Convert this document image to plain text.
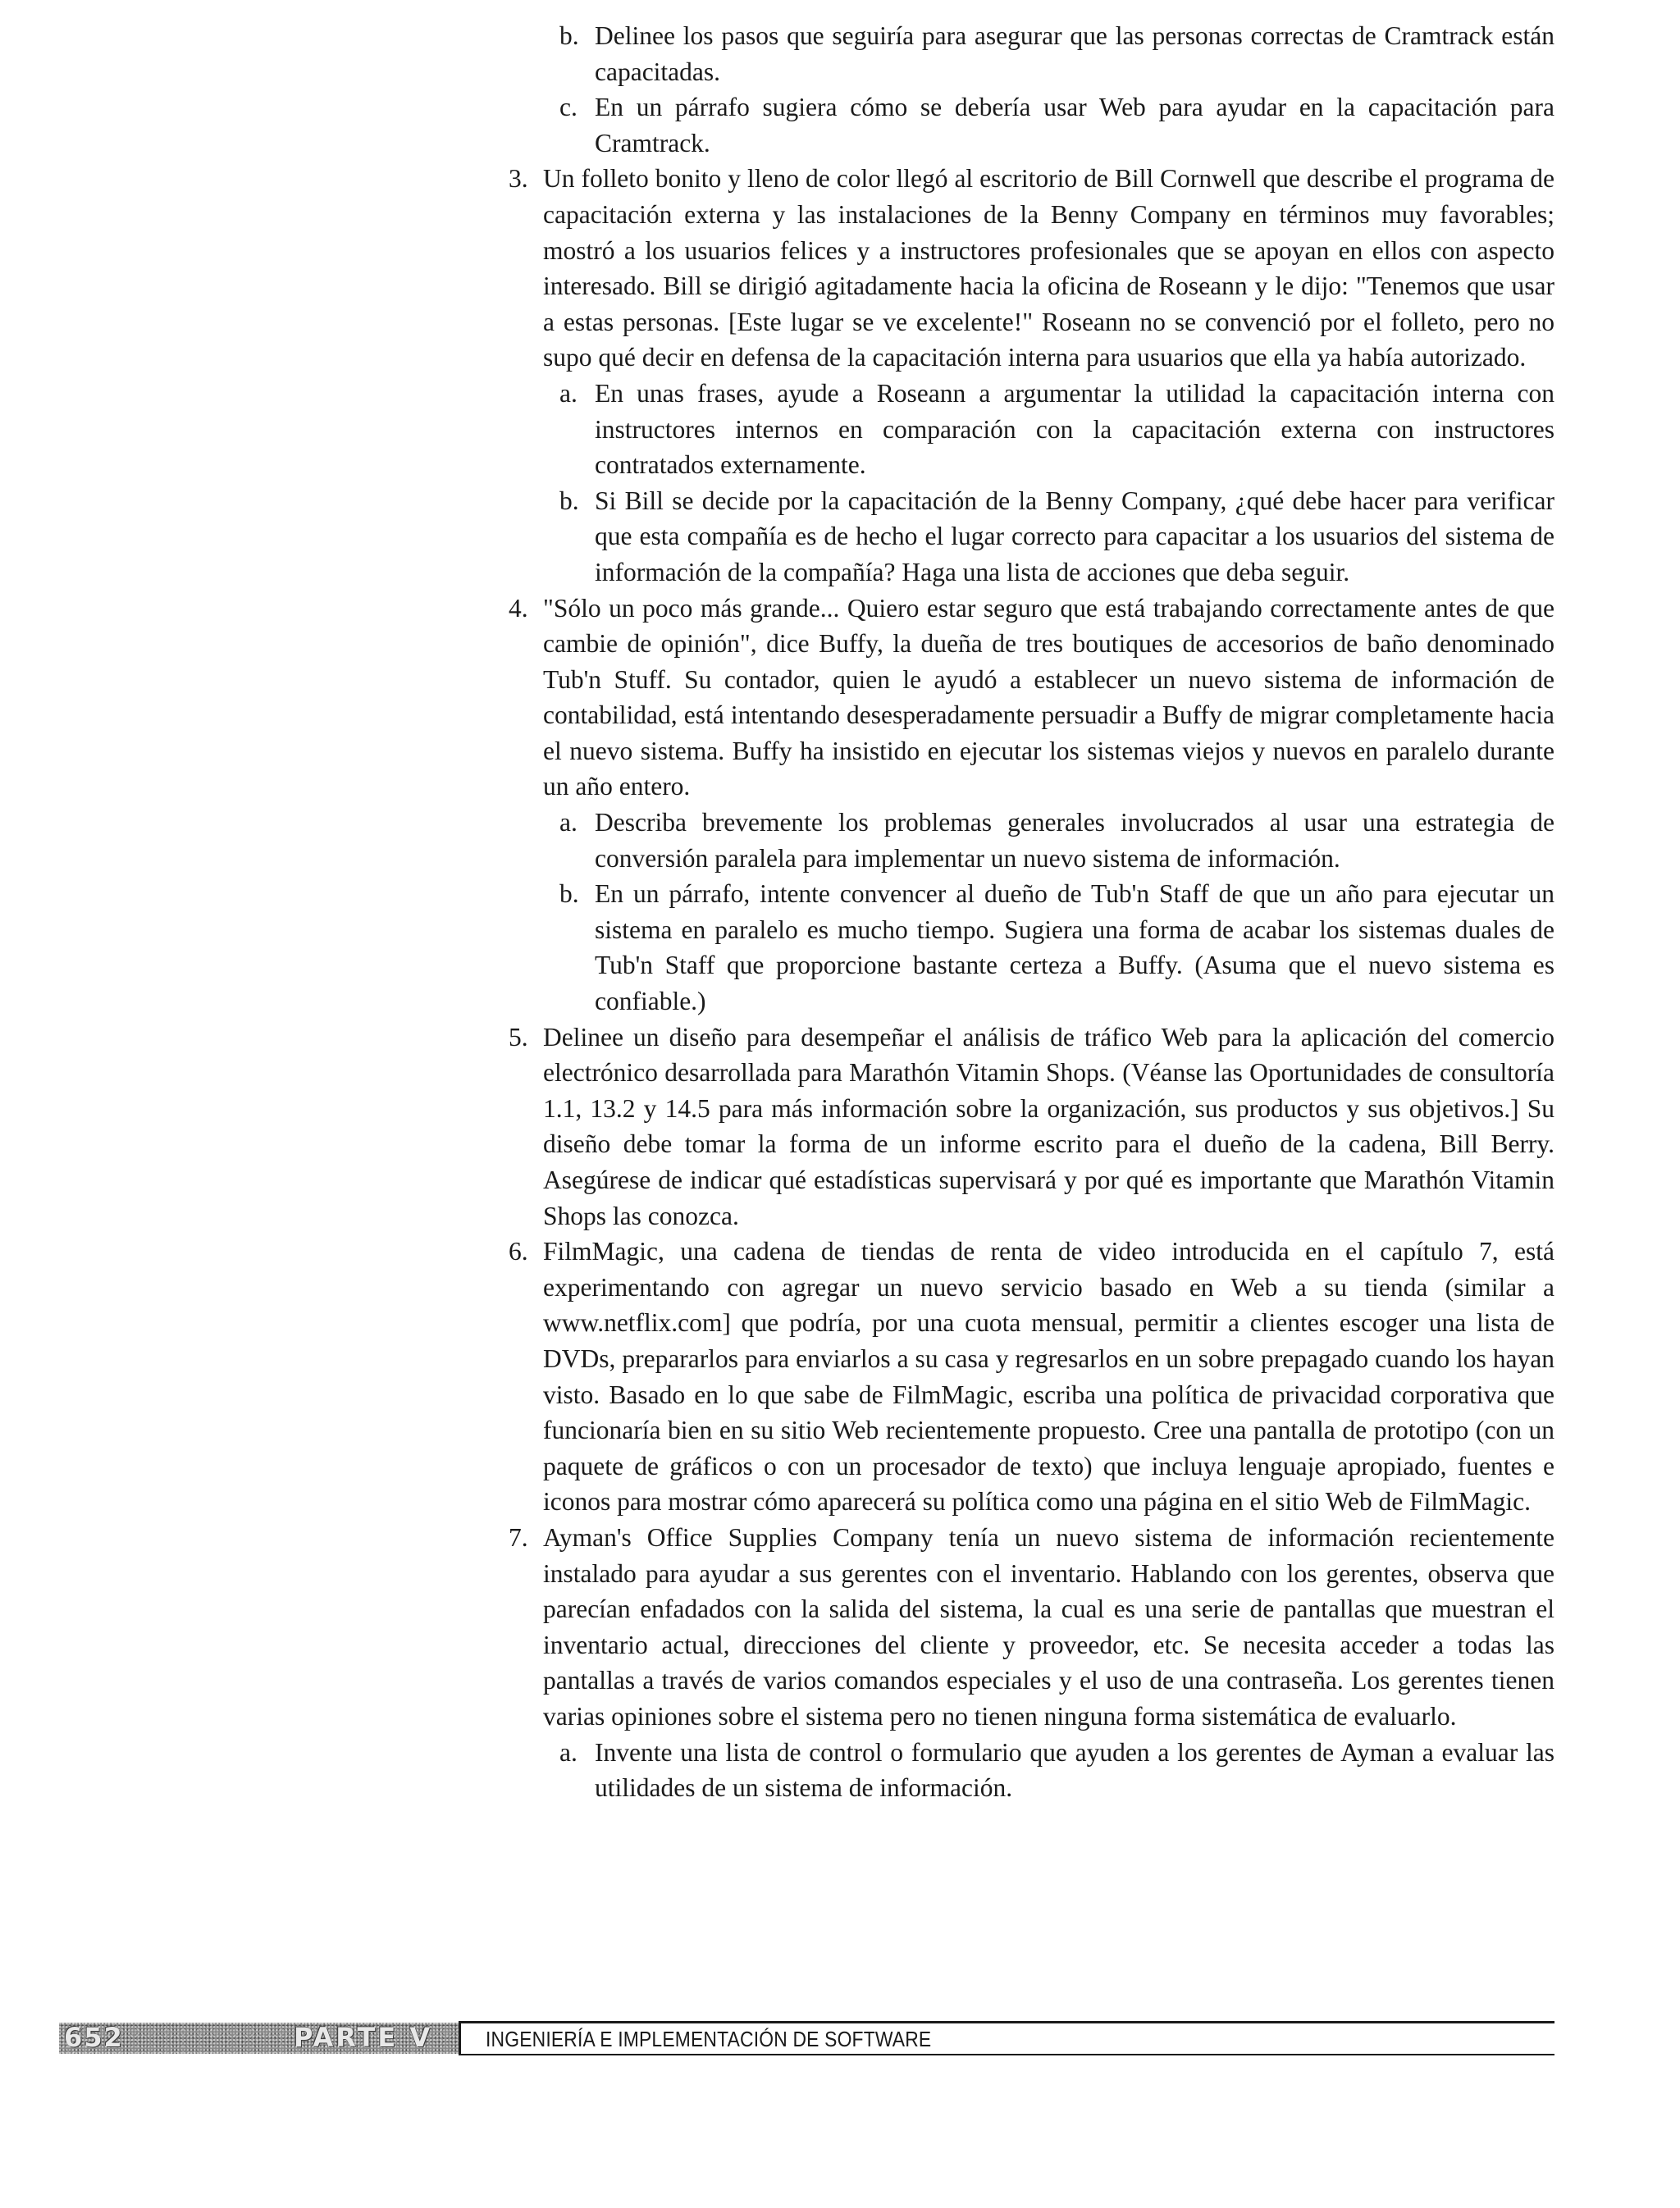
b. Delinee los pasos que seguiría para asegurar que las personas correctas de Cramtrack están capacitadas.
c. En un párrafo sugiera cómo se debería usar Web para ayudar en la capacitación para Cramtrack.
3. Un folleto bonito y lleno de color llegó al escritorio de Bill Cornwell que describe el programa de capacitación externa y las instalaciones de la Benny Company en términos muy favorables; mostró a los usuarios felices y a instructores profesionales que se apoyan en ellos con aspecto interesado. Bill se dirigió agitadamente hacia la oficina de Roseann y le dijo: "Tenemos que usar a estas personas. [Este lugar se ve excelente!" Roseann no se convenció por el folleto, pero no supo qué decir en defensa de la capacitación interna para usuarios que ella ya había autorizado.
a. En unas frases, ayude a Roseann a argumentar la utilidad la capacitación interna con instructores internos en comparación con la capacitación externa con instructores contratados externamente.
b. Si Bill se decide por la capacitación de la Benny Company, ¿qué debe hacer para verificar que esta compañía es de hecho el lugar correcto para capacitar a los usuarios del sistema de información de la compañía? Haga una lista de acciones que deba seguir.
4. "Sólo un poco más grande... Quiero estar seguro que está trabajando correctamente antes de que cambie de opinión", dice Buffy, la dueña de tres boutiques de accesorios de baño denominado Tub'n Stuff. Su contador, quien le ayudó a establecer un nuevo sistema de información de contabilidad, está intentando desesperadamente persuadir a Buffy de migrar completamente hacia el nuevo sistema. Buffy ha insistido en ejecutar los sistemas viejos y nuevos en paralelo durante un año entero.
a. Describa brevemente los problemas generales involucrados al usar una estrategia de conversión paralela para implementar un nuevo sistema de información.
b. En un párrafo, intente convencer al dueño de Tub'n Staff de que un año para ejecutar un sistema en paralelo es mucho tiempo. Sugiera una forma de acabar los sistemas duales de Tub'n Staff que proporcione bastante certeza a Buffy. (Asuma que el nuevo sistema es confiable.)
5. Delinee un diseño para desempeñar el análisis de tráfico Web para la aplicación del comercio electrónico desarrollada para Marathón Vitamin Shops. (Véanse las Oportunidades de consultoría 1.1, 13.2 y 14.5 para más información sobre la organización, sus productos y sus objetivos.] Su diseño debe tomar la forma de un informe escrito para el dueño de la cadena, Bill Berry. Asegúrese de indicar qué estadísticas supervisará y por qué es importante que Marathón Vitamin Shops las conozca.
6. FilmMagic, una cadena de tiendas de renta de video introducida en el capítulo 7, está experimentando con agregar un nuevo servicio basado en Web a su tienda (similar a www.netflix.com] que podría, por una cuota mensual, permitir a clientes escoger una lista de DVDs, prepararlos para enviarlos a su casa y regresarlos en un sobre prepagado cuando los hayan visto. Basado en lo que sabe de FilmMagic, escriba una política de privacidad corporativa que funcionaría bien en su sitio Web recientemente propuesto. Cree una pantalla de prototipo (con un paquete de gráficos o con un procesador de texto) que incluya lenguaje apropiado, fuentes e iconos para mostrar cómo aparecerá su política como una página en el sitio Web de FilmMagic.
7. Ayman's Office Supplies Company tenía un nuevo sistema de información recientemente instalado para ayudar a sus gerentes con el inventario. Hablando con los gerentes, observa que parecían enfadados con la salida del sistema, la cual es una serie de pantallas que muestran el inventario actual, direcciones del cliente y proveedor, etc. Se necesita acceder a todas las pantallas a través de varios comandos especiales y el uso de una contraseña. Los gerentes tienen varias opiniones sobre el sistema pero no tienen ninguna forma sistemática de evaluarlo.
a. Invente una lista de control o formulario que ayuden a los gerentes de Ayman a evaluar las utilidades de un sistema de información.
652	PARTE V INGENIERÍA E IMPLEMENTACIÓN DE SOFTWARE
